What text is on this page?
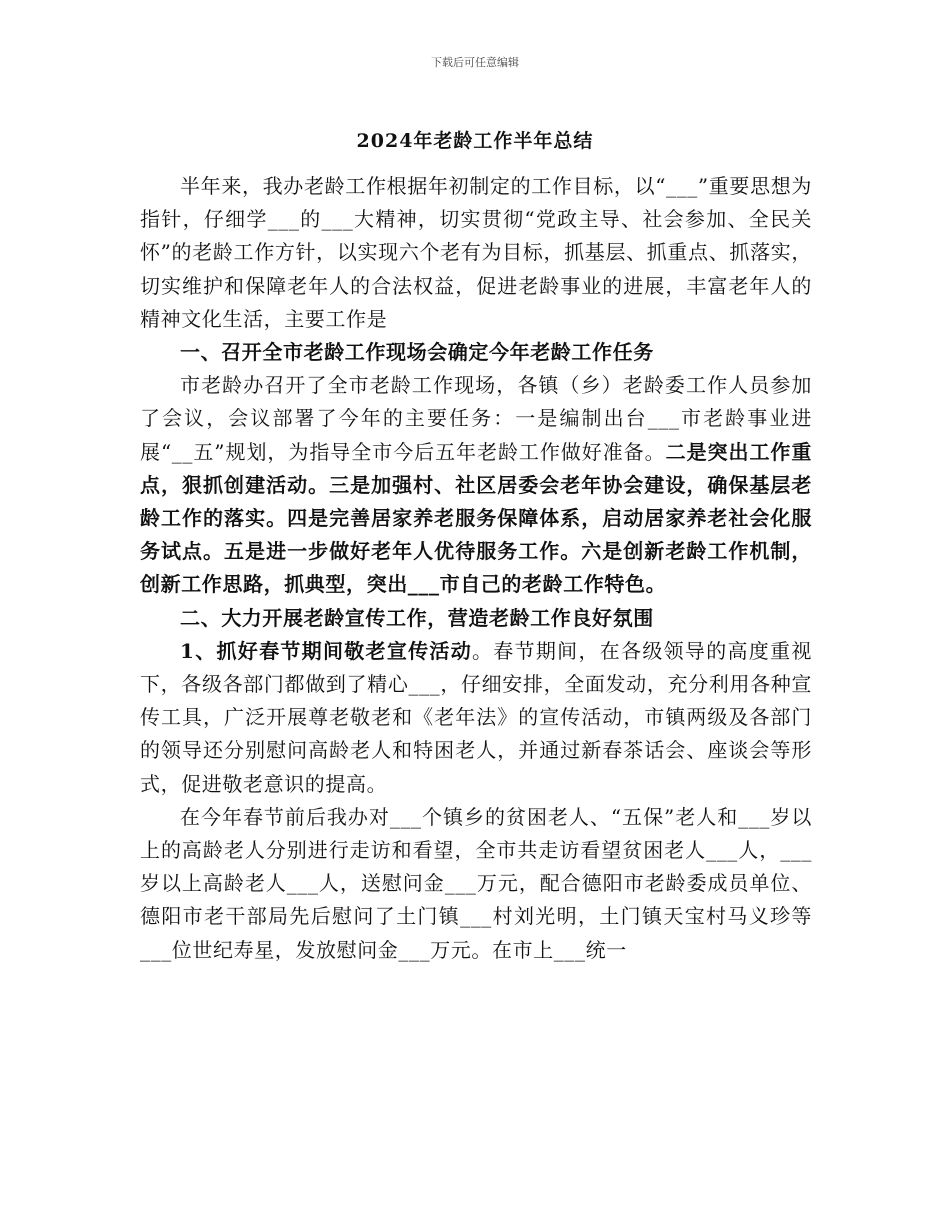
下载后可任意编辑
2024年老龄工作半年总结

半年来，我办老龄工作根据年初制定的工作目标，以“___”重要思想为指针，仔细学___的___大精神，切实贯彻“党政主导、社会参加、全民关怀”的老龄工作方针，以实现六个老有为目标，抓基层、抓重点、抓落实，切实维护和保障老年人的合法权益，促进老龄事业的进展，丰富老年人的精神文化生活，主要工作是

一、召开全市老龄工作现场会确定今年老龄工作任务

市老龄办召开了全市老龄工作现场，各镇（乡）老龄委工作人员参加了会议，会议部署了今年的主要任务：一是编制出台___市老龄事业进展“__五”规划，为指导全市今后五年老龄工作做好准备。二是突出工作重点，狠抓创建活动。三是加强村、社区居委会老年协会建设，确保基层老龄工作的落实。四是完善居家养老服务保障体系，启动居家养老社会化服务试点。五是进一步做好老年人优待服务工作。六是创新老龄工作机制，创新工作思路，抓典型，突出___市自己的老龄工作特色。

二、大力开展老龄宣传工作，营造老龄工作良好氛围

1、抓好春节期间敬老宣传活动。春节期间，在各级领导的高度重视下，各级各部门都做到了精心___，仔细安排，全面发动，充分利用各种宣传工具，广泛开展尊老敬老和《老年法》的宣传活动，市镇两级及各部门的领导还分别慰问高龄老人和特困老人，并通过新春茶话会、座谈会等形式，促进敬老意识的提高。

在今年春节前后我办对___个镇乡的贫困老人、“五保”老人和___岁以上的高龄老人分别进行走访和看望，全市共走访看望贫困老人___人，___岁以上高龄老人___人，送慰问金___万元，配合德阳市老龄委成员单位、德阳市老干部局先后慰问了土门镇___村刘光明，土门镇天宝村马义珍等___位世纪寿星，发放慰问金___万元。在市上___统一
